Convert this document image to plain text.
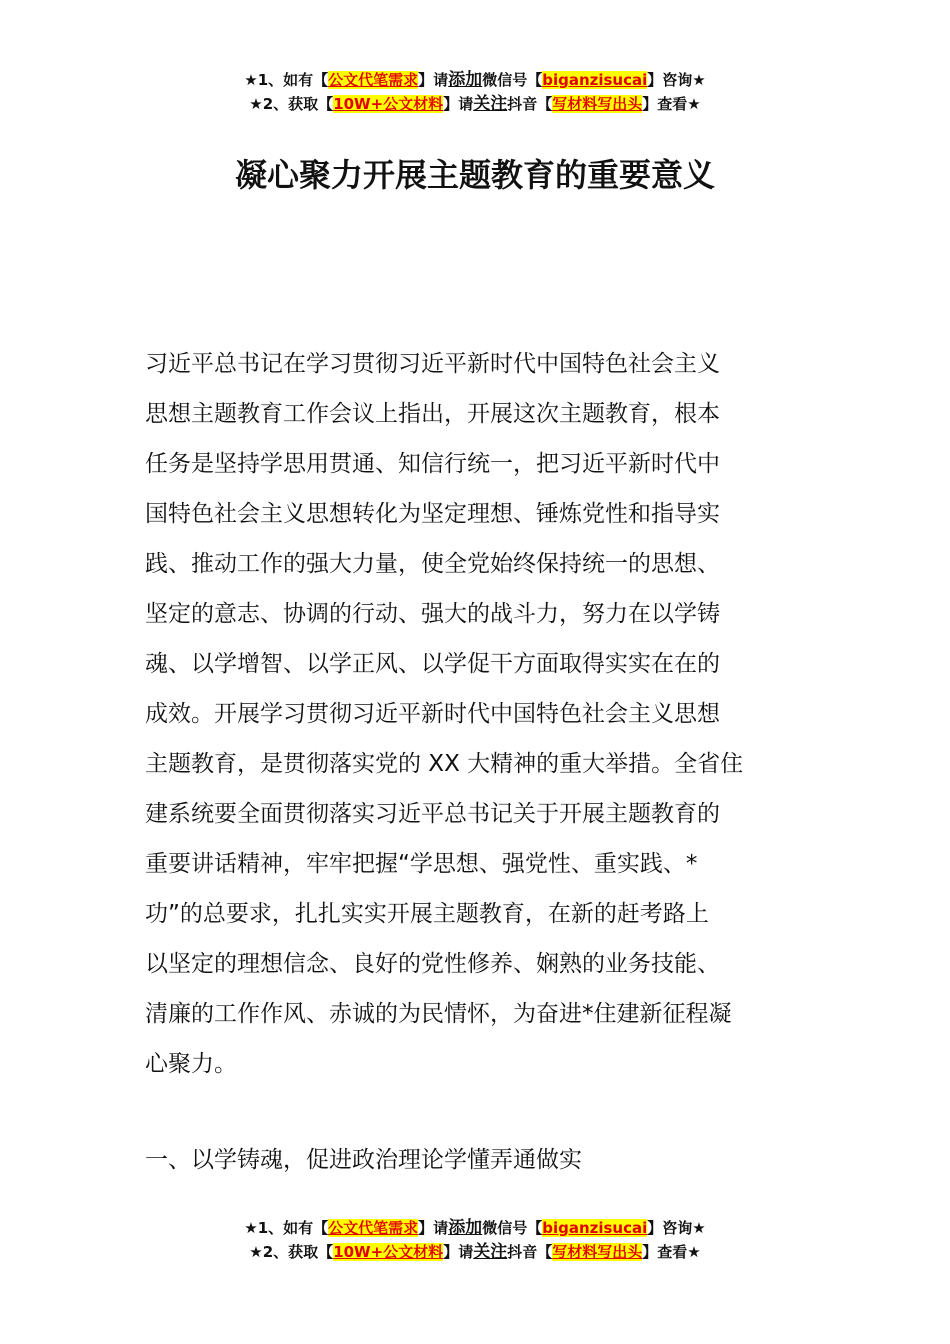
★1、如有【公文代笔需求】请添加微信号【biganzisucai】咨询★
★2、获取【10W+公文材料】请关注抖音【写材料写出头】查看★
凝心聚力开展主题教育的重要意义
习近平总书记在学习贯彻习近平新时代中国特色社会主义
思想主题教育工作会议上指出，开展这次主题教育，根本
任务是坚持学思用贯通、知信行统一，把习近平新时代中
国特色社会主义思想转化为坚定理想、锤炼党性和指导实
践、推动工作的强大力量，使全党始终保持统一的思想、
坚定的意志、协调的行动、强大的战斗力，努力在以学铸
魂、以学增智、以学正风、以学促干方面取得实实在在的
成效。开展学习贯彻习近平新时代中国特色社会主义思想
主题教育，是贯彻落实党的 XX 大精神的重大举措。全省住
建系统要全面贯彻落实习近平总书记关于开展主题教育的
重要讲话精神，牢牢把握“学思想、强党性、重实践、*
功”的总要求，扎扎实实开展主题教育，在新的赶考路上
以坚定的理想信念、良好的党性修养、娴熟的业务技能、
清廉的工作作风、赤诚的为民情怀，为奋进*住建新征程凝
心聚力。
一、以学铸魂，促进政治理论学懂弄通做实
★1、如有【公文代笔需求】请添加微信号【biganzisucai】咨询★
★2、获取【10W+公文材料】请关注抖音【写材料写出头】查看★
